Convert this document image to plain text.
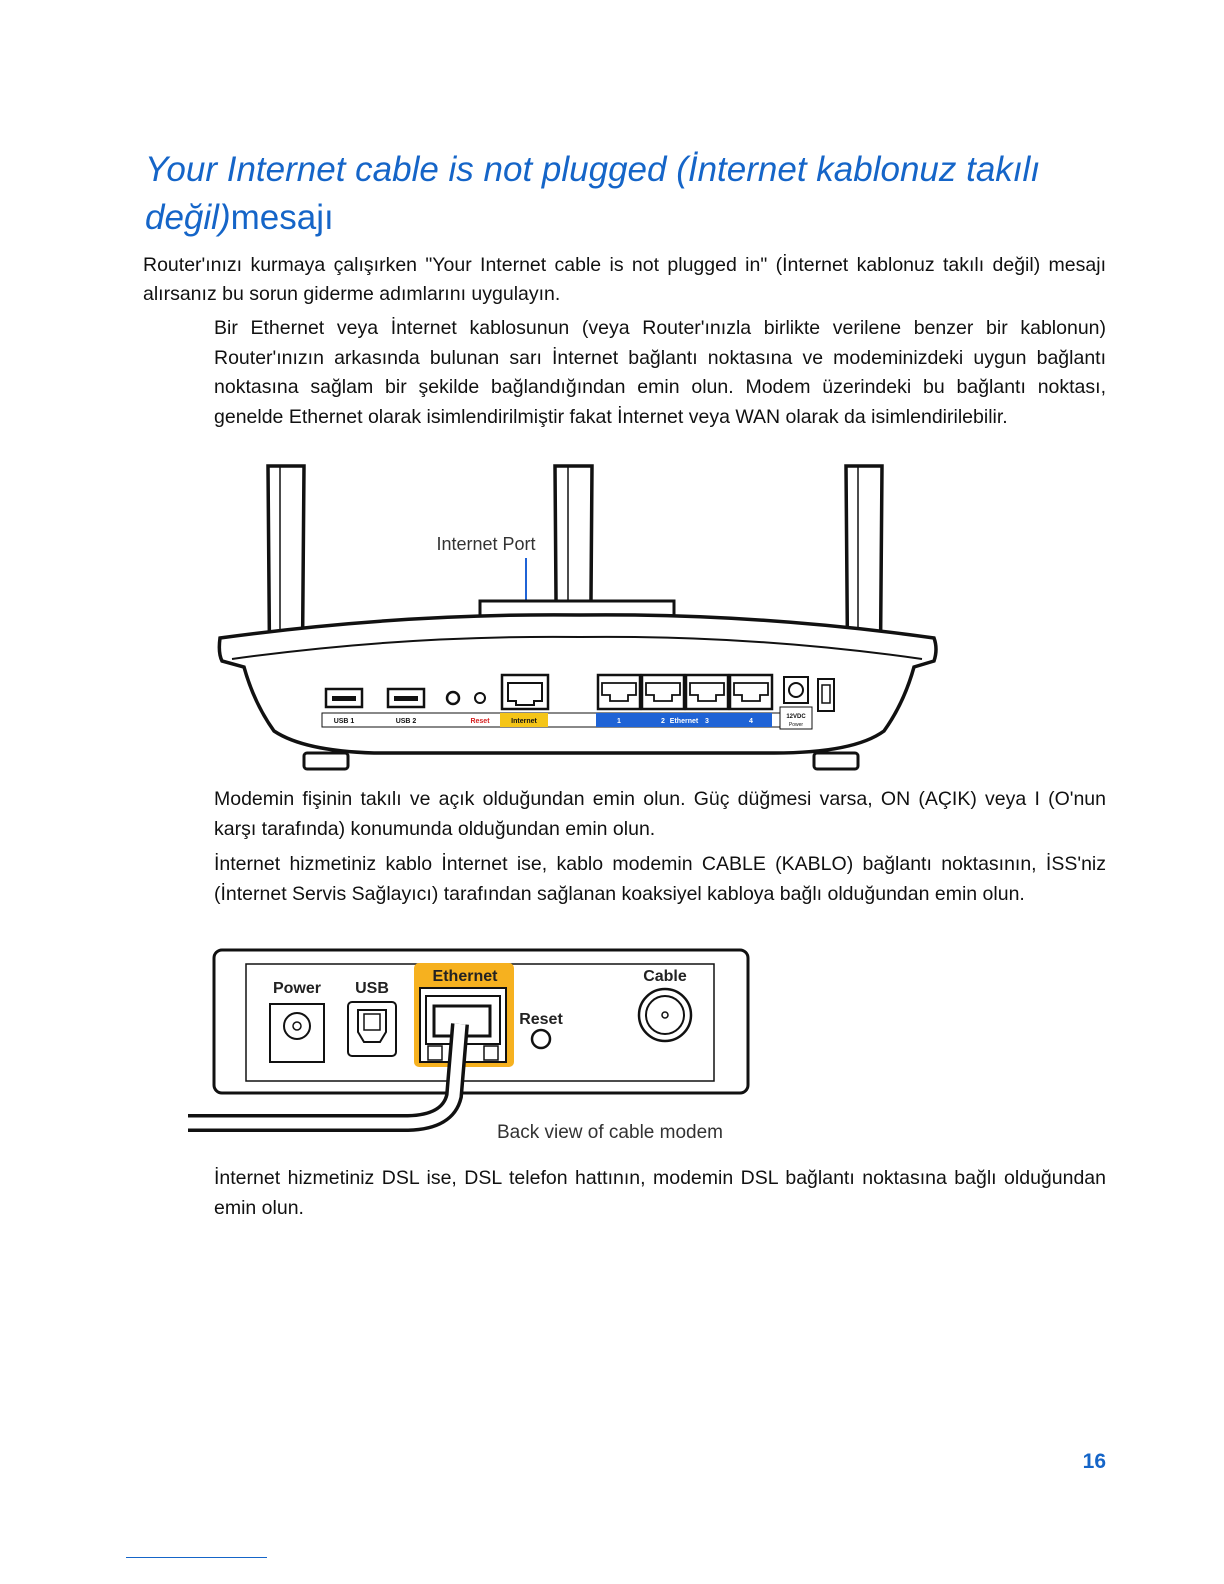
Your Internet cable is not plugged (İnternet kablonuz takılı değil)mesajı

Router'ınızı kurmaya çalışırken "Your Internet cable is not plugged in" (İnternet kablonuz takılı değil) mesajı alırsanız bu sorun giderme adımlarını uygulayın.

Bir Ethernet veya İnternet kablosunun (veya Router'ınızla birlikte verilene benzer bir kablonun) Router'ınızın arkasında bulunan sarı İnternet bağlantı noktasına ve modeminizdeki uygun bağlantı noktasına sağlam bir şekilde bağlandığından emin olun. Modem üzerindeki bu bağlantı noktası, genelde Ethernet olarak isimlendirilmiştir fakat İnternet veya WAN olarak da isimlendirilebilir.

Internet Port
USB 1	USB 2	Reset	Internet	1	2 Ethernet 3	4
12VDC
Power

Modemin fişinin takılı ve açık olduğundan emin olun. Güç düğmesi varsa, ON (AÇIK) veya I (O'nun karşı tarafında) konumunda olduğundan emin olun.

İnternet hizmetiniz kablo İnternet ise, kablo modemin CABLE (KABLO) bağlantı noktasının, İSS'niz (İnternet Servis Sağlayıcı) tarafından sağlanan koaksiyel kabloya bağlı olduğundan emin olun.

Power USB
Ethernet
Reset
Cable
Back view of cable modem

İnternet hizmetiniz DSL ise, DSL telefon hattının, modemin DSL bağlantı noktasına bağlı olduğundan emin olun.

16
